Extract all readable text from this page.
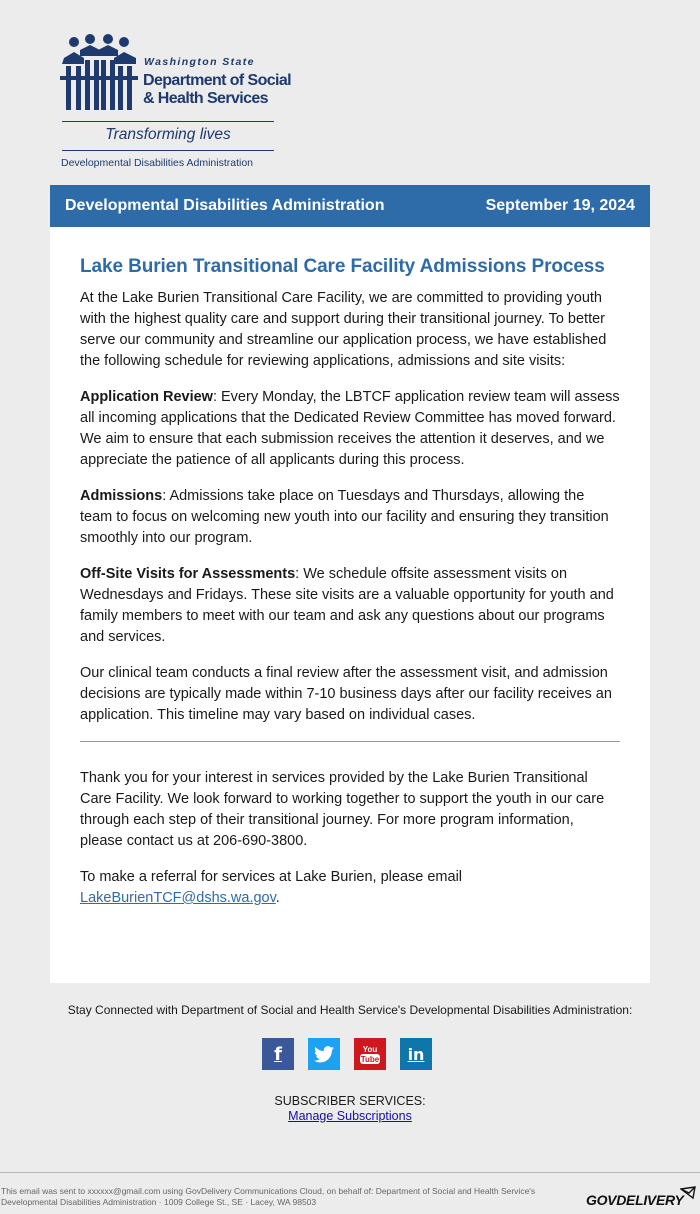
Washington State
Department of Social
& Health Services
Transforming lives
Developmental Disabilities Administration
Developmental Disabilities Administration	September 19, 2024
Lake Burien Transitional Care Facility Admissions Process

At the Lake Burien Transitional Care Facility, we are committed to providing youth with the highest quality care and support during their transitional journey. To better serve our community and streamline our application process, we have established the following schedule for reviewing applications, admissions and site visits:

Application Review: Every Monday, the LBTCF application review team will assess all incoming applications that the Dedicated Review Committee has moved forward. We aim to ensure that each submission receives the attention it deserves, and we appreciate the patience of all applicants during this process.

Admissions: Admissions take place on Tuesdays and Thursdays, allowing the team to focus on welcoming new youth into our facility and ensuring they transition smoothly into our program.

Off-Site Visits for Assessments: We schedule offsite assessment visits on Wednesdays and Fridays. These site visits are a valuable opportunity for youth and family members to meet with our team and ask any questions about our programs and services.

Our clinical team conducts a final review after the assessment visit, and admission decisions are typically made within 7-10 business days after our facility receives an application. This timeline may vary based on individual cases.

Thank you for your interest in services provided by the Lake Burien Transitional Care Facility. We look forward to working together to support the youth in our care through each step of their transitional journey. For more program information, please contact us at 206-690-3800.

To make a referral for services at Lake Burien, please email LakeBurienTCF@dshs.wa.gov.

Stay Connected with Department of Social and Health Service's Developmental Disabilities Administration:
f	You
Tube in
SUBSCRIBER SERVICES:
Manage Subscriptions
This email was sent to xxxxxx@gmail.com using GovDelivery Communications Cloud, on behalf of: Department of Social and Health Service's Developmental Disabilities Administration · 1009 College St., SE · Lacey, WA 98503	GOVDELIVERY
